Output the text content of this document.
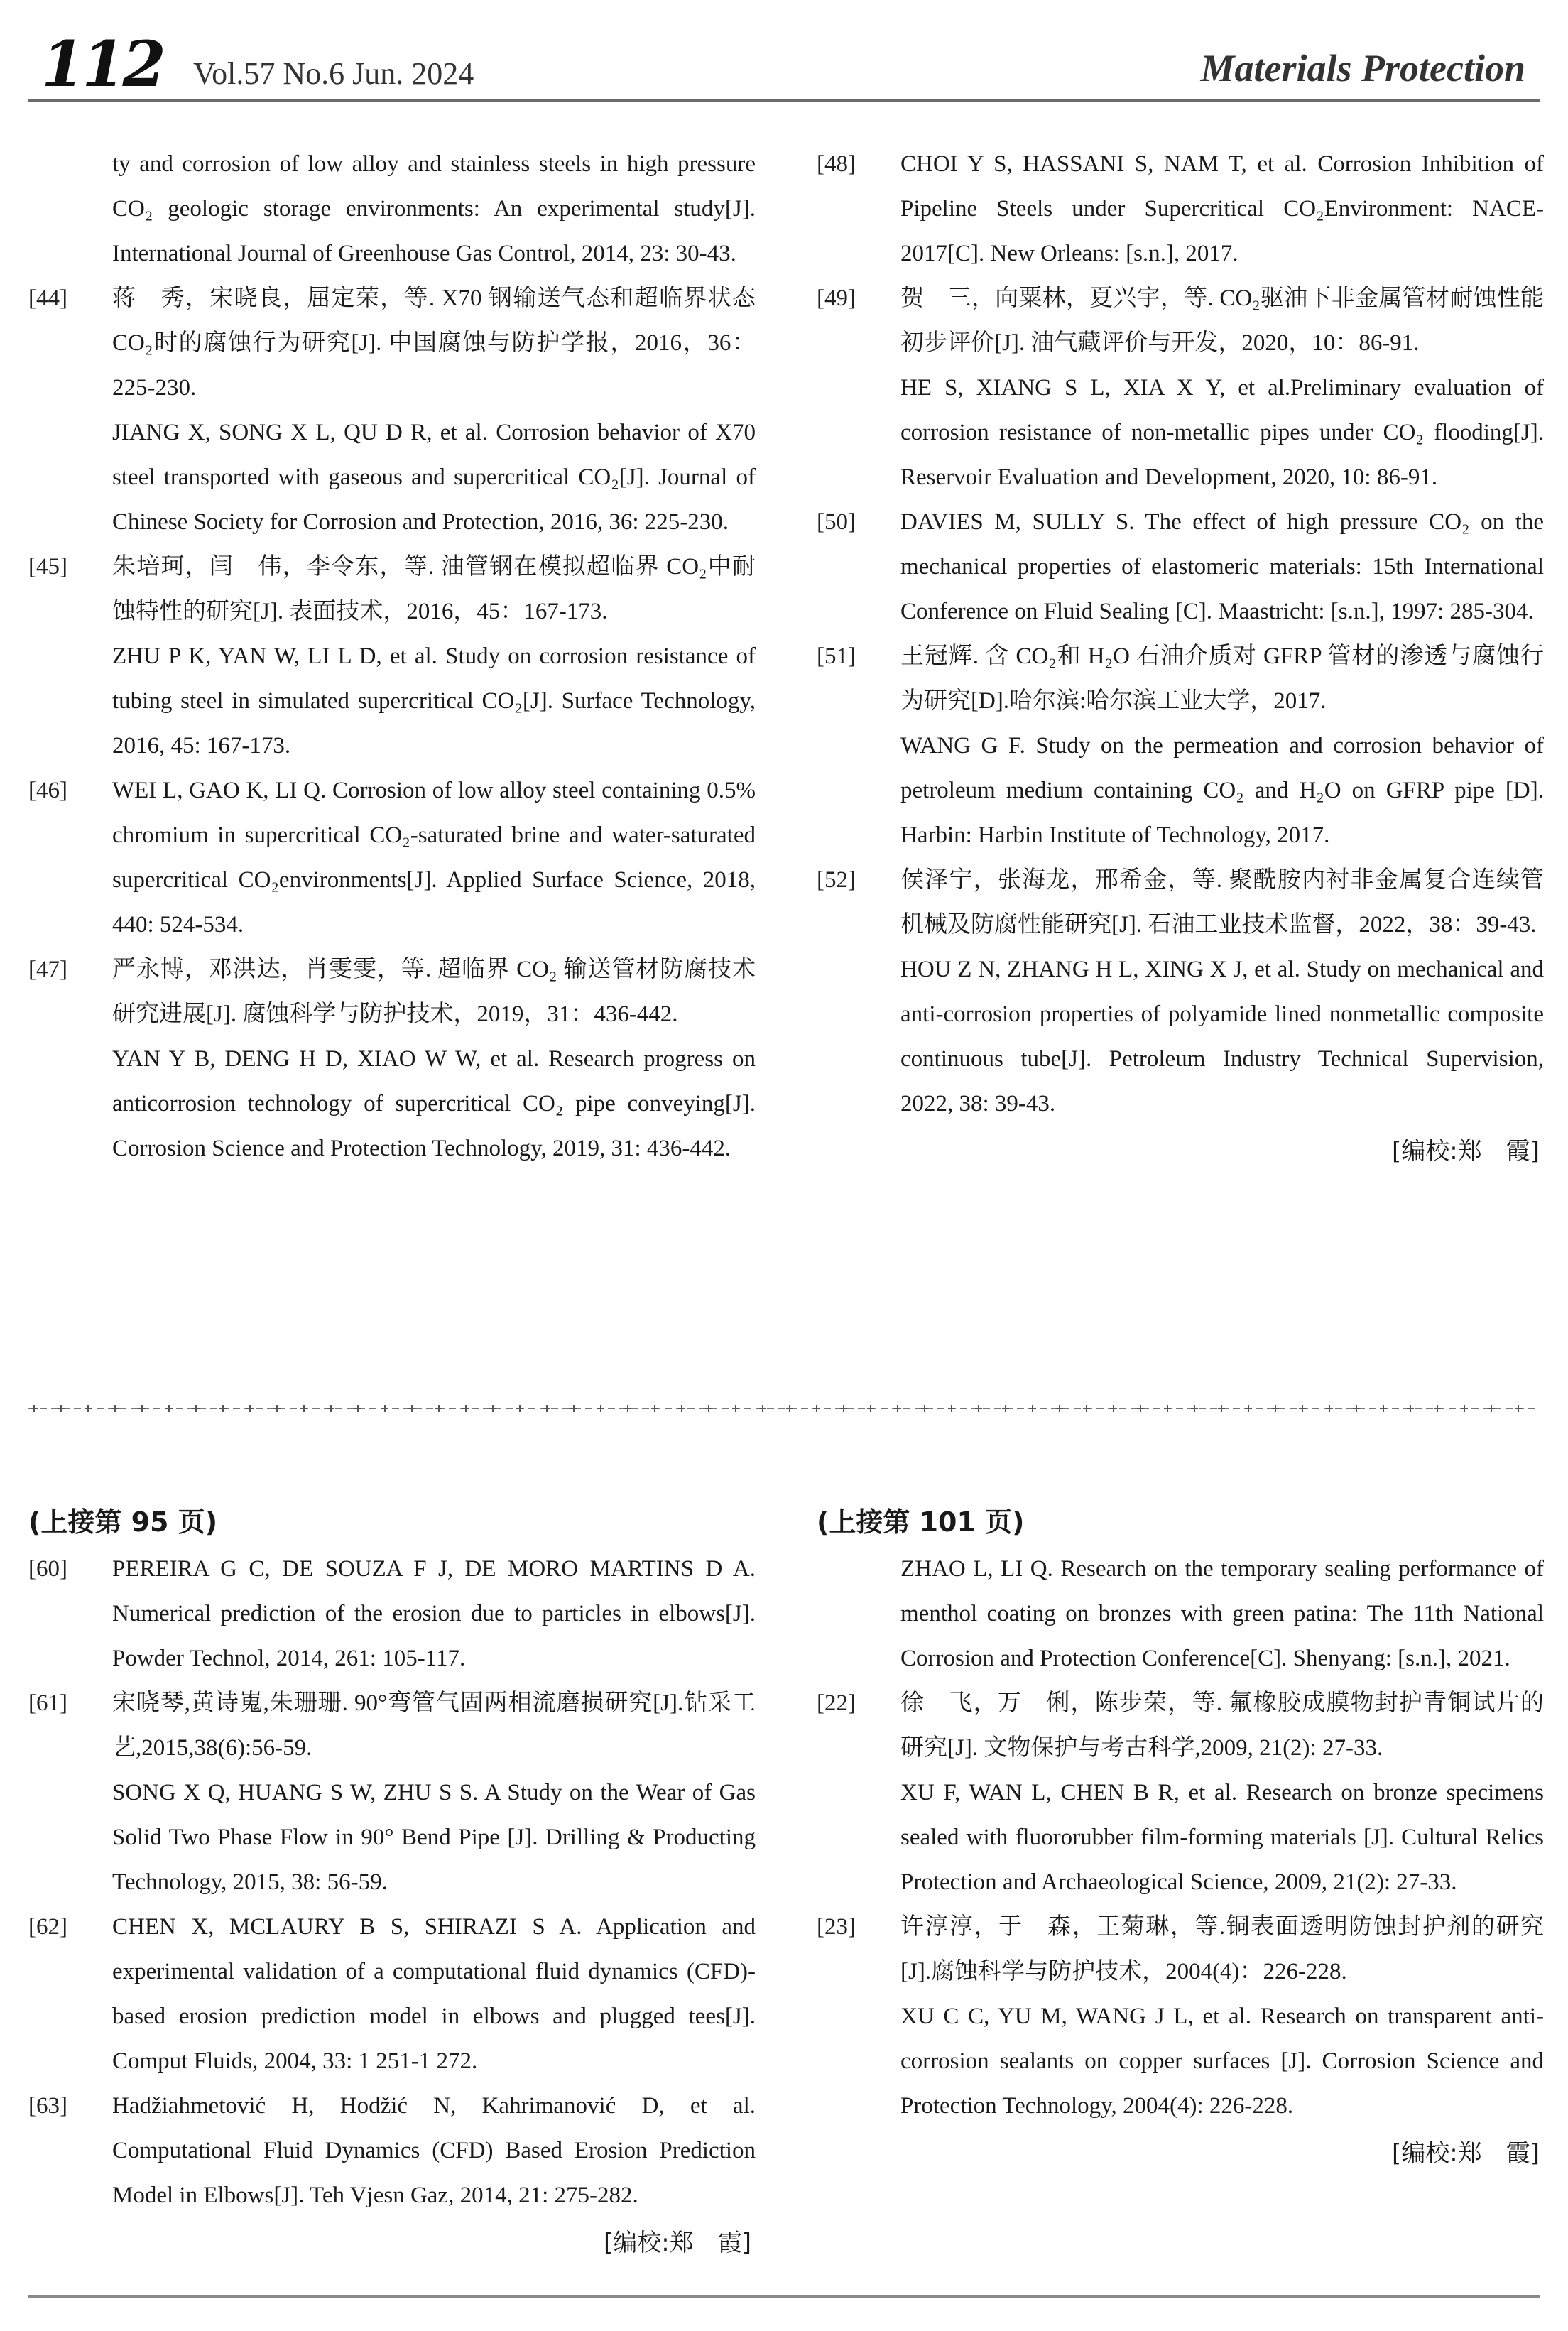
112 Vol.57 No.6 Jun. 2024	Materials Protection

ty and corrosion of low alloy and stainless steels in high pressure CO₂ geologic storage environments: An experimental study[J]. International Journal of Greenhouse Gas Control, 2014, 23: 30-43.

[44]	蒋　秀，宋晓良，屈定荣，等. X70 钢输送气态和超临界状态 CO₂时的腐蚀行为研究[J]. 中国腐蚀与防护学报，2016，36：225-230.

JIANG X, SONG X L, QU D R, et al. Corrosion behavior of X70 steel transported with gaseous and supercritical CO₂[J]. Journal of Chinese Society for Corrosion and Protection, 2016, 36: 225-230.

[45]	朱培珂，闫　伟，李令东，等. 油管钢在模拟超临界 CO₂中耐蚀特性的研究[J]. 表面技术，2016，45：167-173.

ZHU P K, YAN W, LI L D, et al. Study on corrosion resistance of tubing steel in simulated supercritical CO₂[J]. Surface Technology, 2016, 45: 167-173.

[46]	WEI L, GAO K, LI Q. Corrosion of low alloy steel containing 0.5% chromium in supercritical CO₂-saturated brine and water-saturated supercritical CO₂environments[J]. Applied Surface Science, 2018, 440: 524-534.

[47]	严永博，邓洪达，肖雯雯，等. 超临界 CO₂ 输送管材防腐技术研究进展[J]. 腐蚀科学与防护技术，2019，31：436-442.

YAN Y B, DENG H D, XIAO W W, et al. Research progress on anticorrosion technology of supercritical CO₂ pipe conveying[J]. Corrosion Science and Protection Technology, 2019, 31: 436-442.

[48]	CHOI Y S, HASSANI S, NAM T, et al. Corrosion Inhibition of Pipeline Steels under Supercritical CO₂Environment: NACE-2017[C]. New Orleans: [s.n.], 2017.

[49]	贺　三，向粟林，夏兴宇，等. CO₂驱油下非金属管材耐蚀性能初步评价[J]. 油气藏评价与开发，2020，10：86-91.

HE S, XIANG S L, XIA X Y, et al.Preliminary evaluation of corrosion resistance of non-metallic pipes under CO₂ flooding[J]. Reservoir Evaluation and Development, 2020, 10: 86-91.

[50]	DAVIES M, SULLY S. The effect of high pressure CO₂ on the mechanical properties of elastomeric materials: 15th International Conference on Fluid Sealing [C]. Maastricht: [s.n.], 1997: 285-304.

[51]	王冠辉. 含 CO₂和 H₂O 石油介质对 GFRP 管材的渗透与腐蚀行为研究[D].哈尔滨:哈尔滨工业大学，2017.

WANG G F. Study on the permeation and corrosion behavior of petroleum medium containing CO₂ and H₂O on GFRP pipe [D]. Harbin: Harbin Institute of Technology, 2017.

[52]	侯泽宁，张海龙，邢希金，等. 聚酰胺内衬非金属复合连续管机械及防腐性能研究[J]. 石油工业技术监督，2022，38：39-43.

HOU Z N, ZHANG H L, XING X J, et al. Study on mechanical and anti-corrosion properties of polyamide lined nonmetallic composite continuous tube[J]. Petroleum Industry Technical Supervision, 2022, 38: 39-43.

[编校:郑　霞]
(上接第 95 页)
[60]	PEREIRA G C, DE SOUZA F J, DE MORO MARTINS D A. Numerical prediction of the erosion due to particles in elbows[J]. Powder Technol, 2014, 261: 105-117.

[61]	宋晓琴,黄诗嵬,朱珊珊. 90°弯管气固两相流磨损研究[J].钻采工艺,2015,38(6):56-59.

SONG X Q, HUANG S W, ZHU S S. A Study on the Wear of Gas Solid Two Phase Flow in 90° Bend Pipe [J]. Drilling & Producting Technology, 2015, 38: 56-59.

[62]	CHEN X, MCLAURY B S, SHIRAZI S A. Application and experimental validation of a computational fluid dynamics (CFD)-based erosion prediction model in elbows and plugged tees[J]. Comput Fluids, 2004, 33: 1 251-1 272.

[63]	Hadžiahmetović H, Hodžić N, Kahrimanović D, et al. Computational Fluid Dynamics (CFD) Based Erosion Prediction Model in Elbows[J]. Teh Vjesn Gaz, 2014, 21: 275-282.

[编校:郑　霞]
(上接第 101 页)

ZHAO L, LI Q. Research on the temporary sealing performance of menthol coating on bronzes with green patina: The 11th National Corrosion and Protection Conference[C]. Shenyang: [s.n.], 2021.

[22]	徐　飞，万　俐，陈步荣，等. 氟橡胶成膜物封护青铜试片的研究[J]. 文物保护与考古科学,2009, 21(2): 27-33.

XU F, WAN L, CHEN B R, et al. Research on bronze specimens sealed with fluororubber film-forming materials [J]. Cultural Relics Protection and Archaeological Science, 2009, 21(2): 27-33.

[23]	许淳淳，于　森，王菊琳，等.铜表面透明防蚀封护剂的研究[J].腐蚀科学与防护技术，2004(4)：226-228.

XU C C, YU M, WANG J L, et al. Research on transparent anti-corrosion sealants on copper surfaces [J]. Corrosion Science and Protection Technology, 2004(4): 226-228.

[编校:郑　霞]
